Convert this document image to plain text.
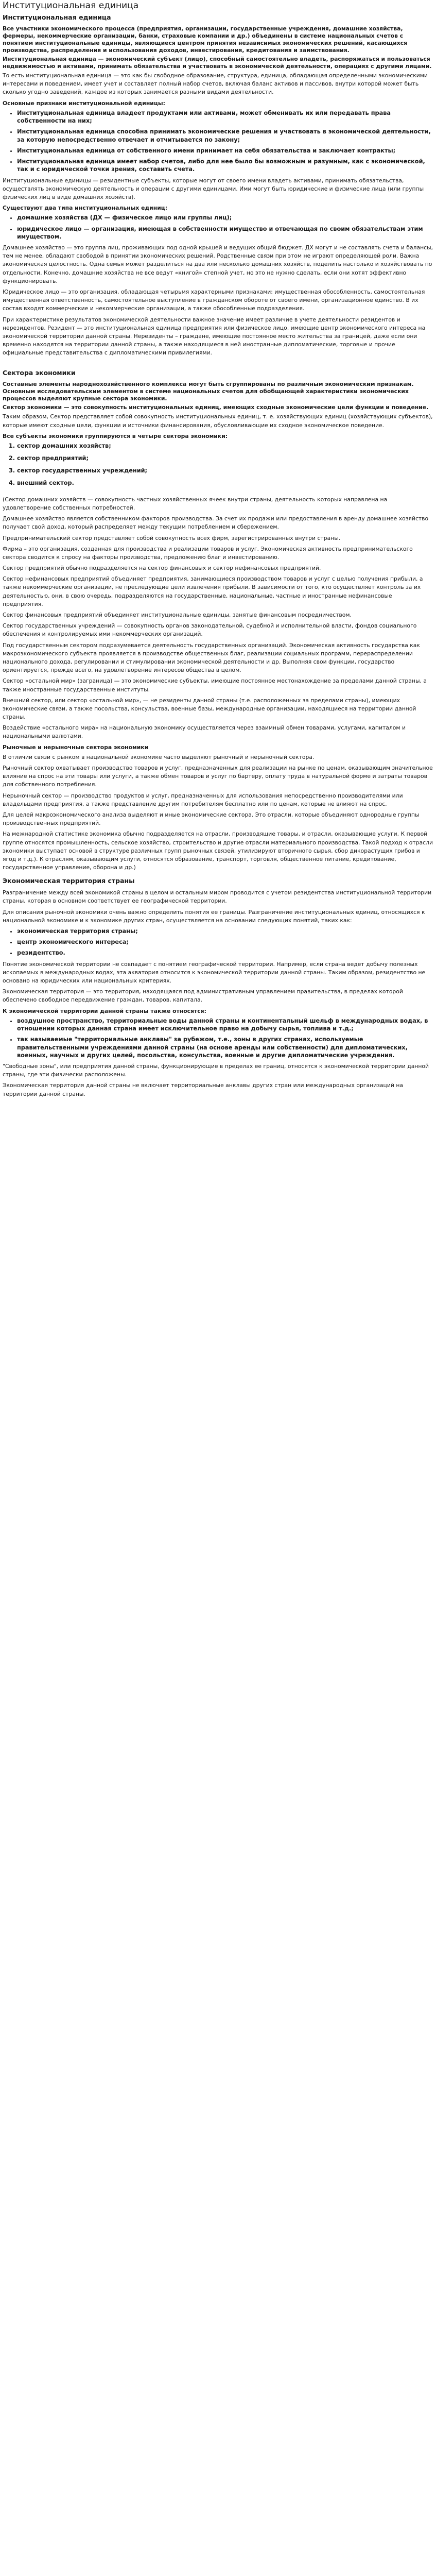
Институциональная единица
Институциональная единица

Все участники экономического процесса (предприятия, организации, государственные учреждения, домашние хозяйства, фермеры, некоммерческие организации, банки, страховые компании и др.) объединены в системе национальных счетов с понятием институциональные единицы, являющиеся центром принятия независимых экономических решений, касающихся производства, распределения и использования доходов, инвестирования, кредитования и заимствования.

Институциональная единица — экономический субъект (лицо), способный самостоятельно владеть, распоряжаться и пользоваться недвижимостью и активами, принимать обязательства и участвовать в экономической деятельности, операциях с другими лицами.

То есть институциональная единица — это как бы свободное образование, структура, единица, обладающая определенными экономическими интересами и поведением, имеет учет и составляет полный набор счетов, включая баланс активов и пассивов, внутри которой может быть сколько угодно заведений, каждое из которых занимается разными видами деятельности.

Основные признаки институциональной единицы:

• Институциональная единица владеет продуктами или активами, может обменивать их или передавать права собственности на них;
• Институциональная единица способна принимать экономические решения и участвовать в экономической деятельности, за которую непосредственно отвечает и отчитывается по закону;
• Институциональная единица от собственного имени принимает на себя обязательства и заключает контракты;
• Институциональная единица имеет набор счетов, либо для нее было бы возможным и разумным, как с экономической, так и с юридической точки зрения, составить счета.

Институциональные единицы — резидентные субъекты, которые могут от своего имени владеть активами, принимать обязательства, осуществлять экономическую деятельность и операции с другими единицами. Ими могут быть юридические и физические лица (или группы физических лиц в виде домашних хозяйств).

Существуют два типа институциональных единиц:

• домашние хозяйства (ДХ — физическое лицо или группы лиц);
• юридическое лицо — организация, имеющая в собственности имущество и отвечающая по своим обязательствам этим имуществом.

Домашнее хозяйство — это группа лиц, проживающих под одной крышей и ведущих общий бюджет. ДХ могут и не составлять счета и балансы, тем не менее, обладают свободой в принятии экономических решений. Родственные связи при этом не играют определяющей роли. Важна экономическая целостность. Одна семья может разделиться на два или несколько домашних хозяйств, поделить настолько и хозяйствовать по отдельности. Конечно, домашние хозяйства не все ведут «книгой» степной учет, но это не нужно сделать, если они хотят эффективно функционировать.

Юридическое лицо — это организация, обладающая четырьмя характерными признаками: имущественная обособленность, самостоятельная имущественная ответственность, самостоятельное выступление в гражданском обороте от своего имени, организационное единство. В их состав входят коммерческие и некоммерческие организации, а также обособленные подразделения.

При характеристике результатов экономической деятельности важное значение имеет различие в учете деятельности резидентов и нерезидентов. Резидент — это институциональная единица предприятия или физическое лицо, имеющие центр экономического интереса на экономической территории данной страны. Нерезиденты – граждане, имеющие постоянное место жительства за границей, даже если они временно находятся на территории данной страны, а также находящиеся в ней иностранные дипломатические, торговые и прочие официальные представительства с дипломатическими привилегиями.

Сектора экономики

Составные элементы народнохозяйственного комплекса могут быть сгруппированы по различным экономическим признакам. Основным исследовательским элементом в системе национальных счетов для обобщающей характеристики экономических процессов выделяют крупные сектора экономики.

Сектор экономики — это совокупность институциональных единиц, имеющих сходные экономические цели функции и поведение.

Таким образом, Сектор представляет собой совокупность институциональных единиц, т. е. хозяйствующих единиц (хозяйствующих субъектов), которые имеют сходные цели, функции и источники финансирования, обусловливающие их сходное экономическое поведение.

Все субъекты экономики группируются в четыре сектора экономики:

1. сектор домашних хозяйств;
2. сектор предприятий;
3. сектор государственных учреждений;
4. внешний сектор.

(Сектор домашних хозяйств — совокупность частных хозяйственных ячеек внутри страны, деятельность которых направлена на удовлетворение собственных потребностей.

Домашнее хозяйство является собственником факторов производства. За счет их продажи или предоставления в аренду домашнее хозяйство получает свой доход, который распределяет между текущим потреблением и сбережением.

Предпринимательский сектор представляет собой совокупность всех фирм, зарегистрированных внутри страны.

Фирма – это организация, созданная для производства и реализации товаров и услуг. Экономическая активность предпринимательского сектора сводится к спросу на факторы производства, предложению благ и инвестированию.

Сектор предприятий обычно подразделяется на сектор финансовых и сектор нефинансовых предприятий.

Сектор нефинансовых предприятий объединяет предприятия, занимающиеся производством товаров и услуг с целью получения прибыли, а также некоммерческие организации, не преследующие цели извлечения прибыли. В зависимости от того, кто осуществляет контроль за их деятельностью, они, в свою очередь, подразделяются на государственные, национальные, частные и иностранные нефинансовые предприятия.

Сектор финансовых предприятий объединяет институциональные единицы, занятые финансовым посредничеством.

Сектор государственных учреждений — совокупность органов законодательной, судебной и исполнительной власти, фондов социального обеспечения и контролируемых ими некоммерческих организаций.

Под государственным сектором подразумевается деятельность государственных организаций. Экономическая активность государства как макроэкономического субъекта проявляется в производстве общественных благ, реализации социальных программ, перераспределении национального дохода, регулировании и стимулировании экономической деятельности и др. Выполняя свои функции, государство ориентируется, прежде всего, на удовлетворение интересов общества в целом.

Сектор «остальной мир» (заграница) — это экономические субъекты, имеющие постоянное местонахождение за пределами данной страны, а также иностранные государственные институты.

Внешний сектор, или сектор «остальной мир», — не резиденты данной страны (т.е. расположенных за пределами страны), имеющих экономические связи, а также посольства, консульства, военные базы, международные организации, находящиеся на территории данной страны.

Воздействие «остального мира» на национальную экономику осуществляется через взаимный обмен товарами, услугами, капиталом и национальными валютами.

Рыночные и нерыночные сектора экономики

В отличии связи с рынком в национальной экономике часто выделяют рыночный и нерыночный сектора.

Рыночный сектор охватывает производство товаров и услуг, предназначенных для реализации на рынке по ценам, оказывающим значительное влияние на спрос на эти товары или услуги, а также обмен товаров и услуг по бартеру, оплату труда в натуральной форме и затраты товаров для собственного потребления.

Нерыночный сектор — производство продуктов и услуг, предназначенных для использования непосредственно производителями или владельцами предприятия, а также представление другим потребителям бесплатно или по ценам, которые не влияют на спрос.

Для целей макроэкономического анализа выделяют и иные экономические сектора. Это отрасли, которые объединяют однородные группы производственных предприятий.

На межнародной статистике экономика обычно подразделяется на отрасли, производящие товары, и отрасли, оказывающие услуги. К первой группе относятся промышленность, сельское хозяйство, строительство и другие отрасли материального производства. Такой подход к отрасли экономики выступает основой в структуре различных групп рыночных связей, утилизируют вторичного сырья, сбор дикорастущих грибов и ягод и т.д.). К отраслям, оказывающим услуги, относятся образование, транспорт, торговля, общественное питание, кредитование, государственное управление, оборона и др.)

Экономическая территория страны

Разграничение между всей экономикой страны в целом и остальным миром проводится с учетом резидентства институциональной территории страны, которая в основном соответствует ее географической территории.

Для описания рыночной экономики очень важно определить понятия ее границы. Разграничение институциональных единиц, относящихся к национальной экономике и к экономике других стран, осуществляется на основании следующих понятий, таких как:

• экономическая территория страны;
• центр экономического интереса;
• резидентство.

Понятие экономической территории не совпадает с понятием географической территории. Например, если страна ведет добычу полезных ископаемых в международных водах, эта акватория относится к экономической территории данной страны. Таким образом, резидентство не основано на юридических или национальных критериях.

Экономическая территория — это территория, находящаяся под административным управлением правительства, в пределах которой обеспечено свободное передвижение граждан, товаров, капитала.

К экономической территории данной страны также относятся:

• воздушное пространство, территориальные воды данной страны и континентальный шельф в международных водах, в отношении которых данная страна имеет исключительное право на добычу сырья, топлива и т.д.;
• так называемые "территориальные анклавы" за рубежом, т.е., зоны в других странах, используемые правительственными учреждениями данной страны (на основе аренды или собственности) для дипломатических, военных, научных и других целей, посольства, консульства, военные и другие дипломатические учреждения.

"Свободные зоны", или предприятия данной страны, функционирующие в пределах ее границ, относятся к экономической территории данной страны, где эти физически расположены.

Экономическая территория данной страны не включает территориальные анклавы других стран или международных организаций на территории данной страны.
